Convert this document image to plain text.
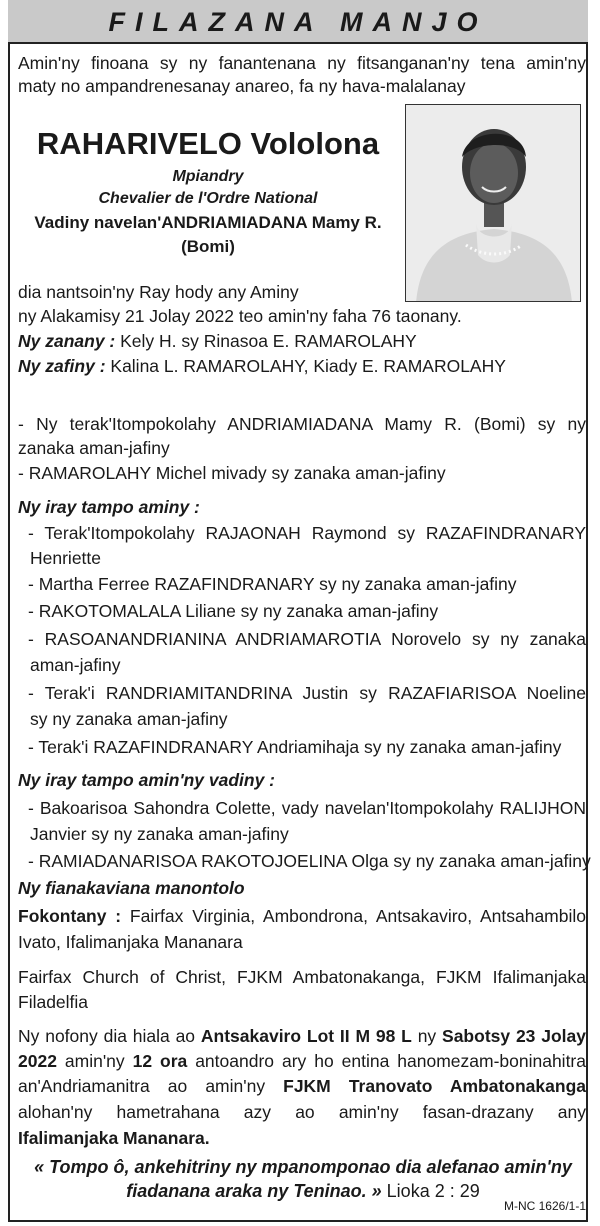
FILAZANA MANJO

Amin'ny finoana sy ny fanantenana ny fitsanganan'ny tena amin'ny

maty no ampandrenesanay anareo, fa ny hava-malalanay

RAHARIVELO Vololona

Mpiandry

Chevalier de l'Ordre National

Vadiny navelan'ANDRIAMIADANA Mamy R.

(Bomi)

dia nantsoin'ny Ray hody any Aminy

ny Alakamisy 21 Jolay 2022 teo amin'ny faha 76 taonany.

Ny zanany : Kely H. sy Rinasoa E. RAMAROLAHY

Ny zafiny : Kalina L. RAMAROLAHY, Kiady E. RAMAROLAHY

- Ny terak'Itompokolahy ANDRIAMIADANA Mamy R. (Bomi) sy ny

zanaka aman-jafiny

- RAMAROLAHY Michel mivady sy zanaka aman-jafiny

Ny iray tampo aminy :

- Terak'Itompokolahy RAJAONAH Raymond sy RAZAFINDRANARY

Henriette

- Martha Ferree RAZAFINDRANARY sy ny zanaka aman-jafiny

- RAKOTOMALALA Liliane sy ny zanaka aman-jafiny

- RASOANANDRIANINA ANDRIAMAROTIA Norovelo sy ny zanaka

aman-jafiny

- Terak'i RANDRIAMITANDRINA Justin sy RAZAFIARISOA Noeline

sy ny zanaka aman-jafiny

- Terak'i RAZAFINDRANARY Andriamihaja sy ny zanaka aman-jafiny

Ny iray tampo amin'ny vadiny :

- Bakoarisoa Sahondra Colette, vady navelan'Itompokolahy RALIJHON

Janvier sy ny zanaka aman-jafiny

- RAMIADANARISOA RAKOTOJOELINA Olga sy ny zanaka aman-jafiny

Ny fianakaviana manontolo

Fokontany : Fairfax Virginia, Ambondrona, Antsakaviro, Antsahambilo

Ivato, Ifalimanjaka Mananara

Fairfax Church of Christ, FJKM Ambatonakanga, FJKM Ifalimanjaka

Filadelfia

Ny nofony dia hiala ao Antsakaviro Lot II M 98 L ny Sabotsy 23 Jolay

2022 amin'ny 12 ora antoandro ary ho entina hanomezam-boninahitra

an'Andriamanitra ao amin'ny FJKM Tranovato Ambatonakanga

alohan'ny hametrahana azy ao amin'ny fasan-drazany any

Ifalimanjaka Mananara.

« Tompo ô, ankehitriny ny mpanomponao dia alefanao amin'ny

fiadanana araka ny Teninao. » Lioka 2 : 29

M-NC 1626/1-1
